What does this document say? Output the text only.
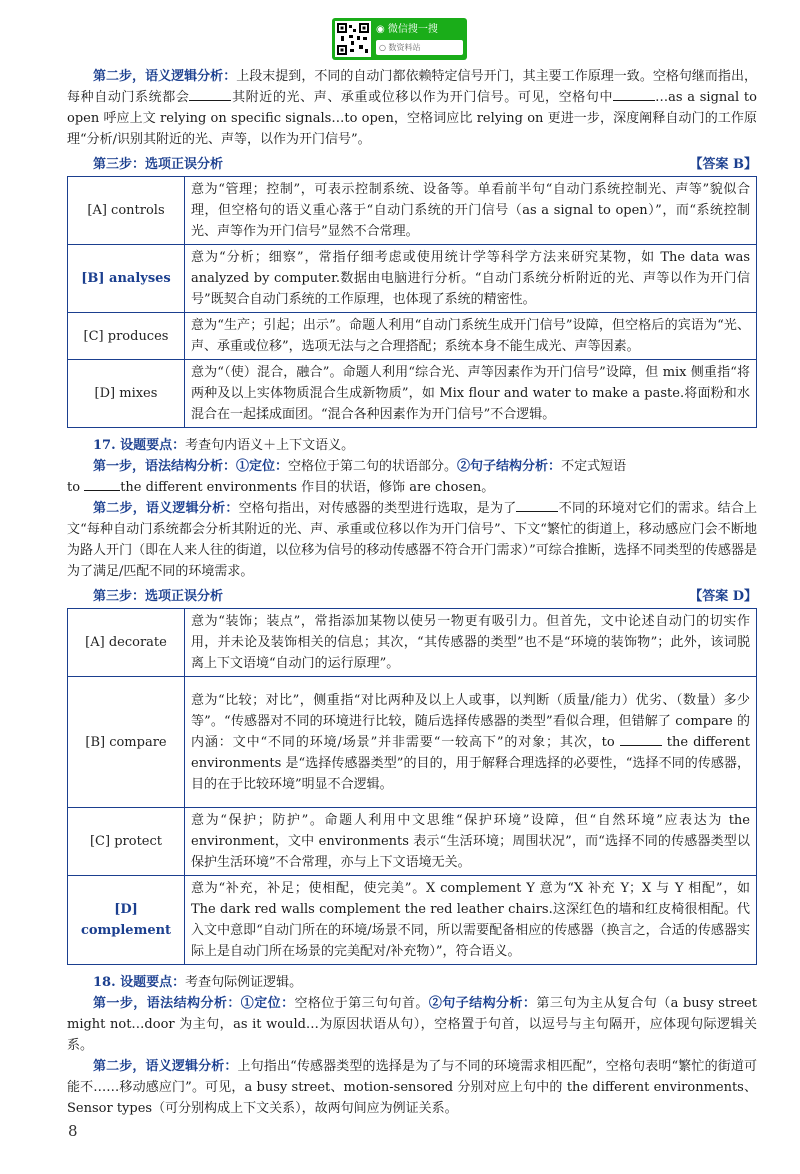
◉ 微信搜一搜
○ 数资料站

第二步，语义逻辑分析：上段末提到，不同的自动门都依赖特定信号开门，其主要工作原理一致。空格句继而指出，每种自动门系统都会	其附近的光、声、承重或位移以作为开门信号。可见，空格句中	…as a signal to open 呼应上文 relying on specific signals…to open，空格词应比 relying on 更进一步，深度阐释自动门的工作原理“分析/识别其附近的光、声等，以作为开门信号”。

第三步：选项正误分析	【答案 B】
[A] controls	意为“管理；控制”，可表示控制系统、设备等。单看前半句“自动门系统控制光、声等”貌似合理，但空格句的语义重心落于“自动门系统的开门信号（as a signal to open）”，而“系统控制光、声等作为开门信号”显然不合常理。
[B] analyses	意为“分析；细察”，常指仔细考虑或使用统计学等科学方法来研究某物，如 The data was analyzed by computer.数据由电脑进行分析。“自动门系统分析附近的光、声等以作为开门信号”既契合自动门系统的工作原理，也体现了系统的精密性。
[C] produces	意为“生产；引起；出示”。命题人利用“自动门系统生成开门信号”设障，但空格后的宾语为“光、声、承重或位移”，选项无法与之合理搭配；系统本身不能生成光、声等因素。
[D] mixes	意为“（使）混合，融合”。命题人利用“综合光、声等因素作为开门信号”设障，但 mix 侧重指“将两种及以上实体物质混合生成新物质”，如 Mix flour and water to make a paste.将面粉和水混合在一起揉成面团。“混合各种因素作为开门信号”不合逻辑。

17. 设题要点：考查句内语义＋上下文语义。

第一步，语法结构分析：①定位：空格位于第二句的状语部分。②句子结构分析：不定式短语

to	the different environments 作目的状语，修饰 are chosen。

第二步，语义逻辑分析：空格句指出，对传感器的类型进行选取，是为了	不同的环境对它们的需求。结合上文“每种自动门系统都会分析其附近的光、声、承重或位移以作为开门信号”、下文“繁忙的街道上，移动感应门会不断地为路人开门（即在人来人往的街道，以位移为信号的移动传感器不符合开门需求）”可综合推断，选择不同类型的传感器是为了满足/匹配不同的环境需求。

第三步：选项正误分析	【答案 D】
[A] decorate	意为“装饰；装点”，常指添加某物以使另一物更有吸引力。但首先，文中论述自动门的切实作用，并未论及装饰相关的信息；其次，“其传感器的类型”也不是“环境的装饰物”；此外，该词脱离上下文语境“自动门的运行原理”。
[B] compare	意为“比较；对比”，侧重指“对比两种及以上人或事，以判断（质量/能力）优劣、（数量）多少等”。“传感器对不同的环境进行比较，随后选择传感器的类型”看似合理，但错解了 compare 的内涵：文中“不同的环境/场景”并非需要“一较高下”的对象；其次，to the different environments 是“选择传感器类型”的目的，用于解释合理选择的必要性，“选择不同的传感器，目的在于比较环境”明显不合逻辑。
[C] protect	意为“保护；防护”。命题人利用中文思维“保护环境”设障，但“自然环境”应表达为 the environment，文中 environments 表示“生活环境；周围状况”，而“选择不同的传感器类型以保护生活环境”不合常理，亦与上下文语境无关。
[D] complement	意为“补充，补足；使相配，使完美”。X complement Y 意为“X 补充 Y；X 与 Y 相配”，如 The dark red walls complement the red leather chairs.这深红色的墙和红皮椅很相配。代入文中意即“自动门所在的环境/场景不同，所以需要配备相应的传感器（换言之，合适的传感器实际上是自动门所在场景的完美配对/补充物）”，符合语义。

18. 设题要点：考查句际例证逻辑。

第一步，语法结构分析：①定位：空格位于第三句句首。②句子结构分析：第三句为主从复合句（a busy street might not…door 为主句，as it would…为原因状语从句），空格置于句首，以逗号与主句隔开，应体现句际逻辑关系。

第二步，语义逻辑分析：上句指出“传感器类型的选择是为了与不同的环境需求相匹配”，空格句表明“繁忙的街道可能不……移动感应门”。可见，a busy street、motion-sensored 分别对应上句中的 the different environments、Sensor types（可分别构成上下文关系），故两句间应为例证关系。

8
